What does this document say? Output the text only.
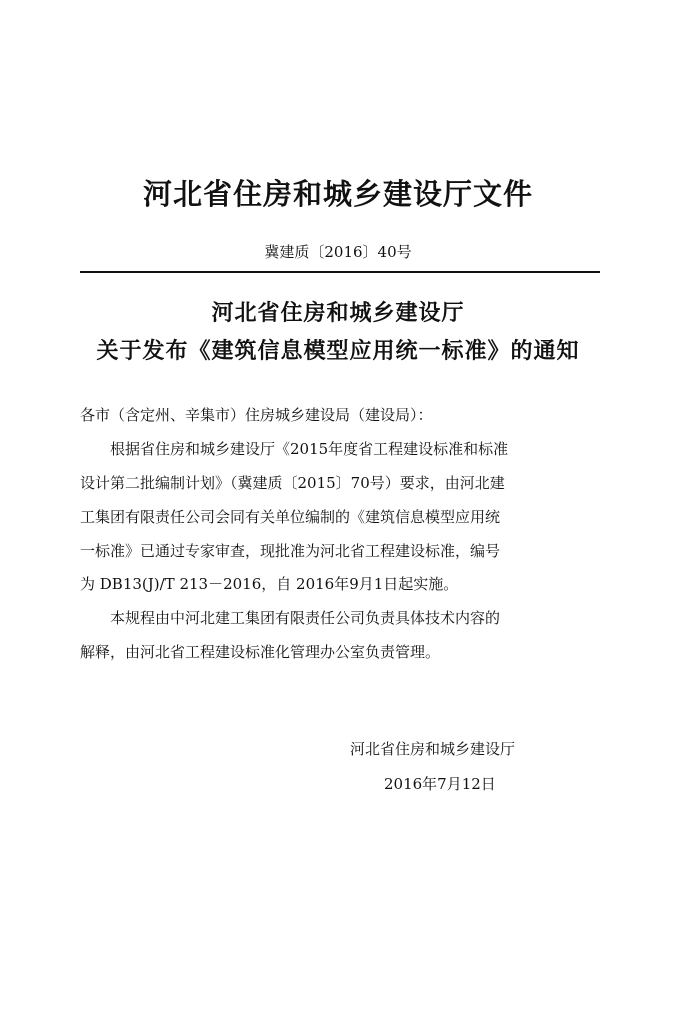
河北省住房和城乡建设厅文件
冀建质〔2016〕40号
河北省住房和城乡建设厅
关于发布《建筑信息模型应用统一标准》的通知
各市（含定州、辛集市）住房城乡建设局（建设局）：
根据省住房和城乡建设厅《2015年度省工程建设标准和标准
设计第二批编制计划》（冀建质〔2015〕70号）要求，由河北建
工集团有限责任公司会同有关单位编制的《建筑信息模型应用统
一标准》已通过专家审查，现批准为河北省工程建设标准，编号
为 DB13(J)/T 213－2016，自 2016年9月1日起实施。
本规程由中河北建工集团有限责任公司负责具体技术内容的
解释，由河北省工程建设标准化管理办公室负责管理。
河北省住房和城乡建设厅
2016年7月12日
